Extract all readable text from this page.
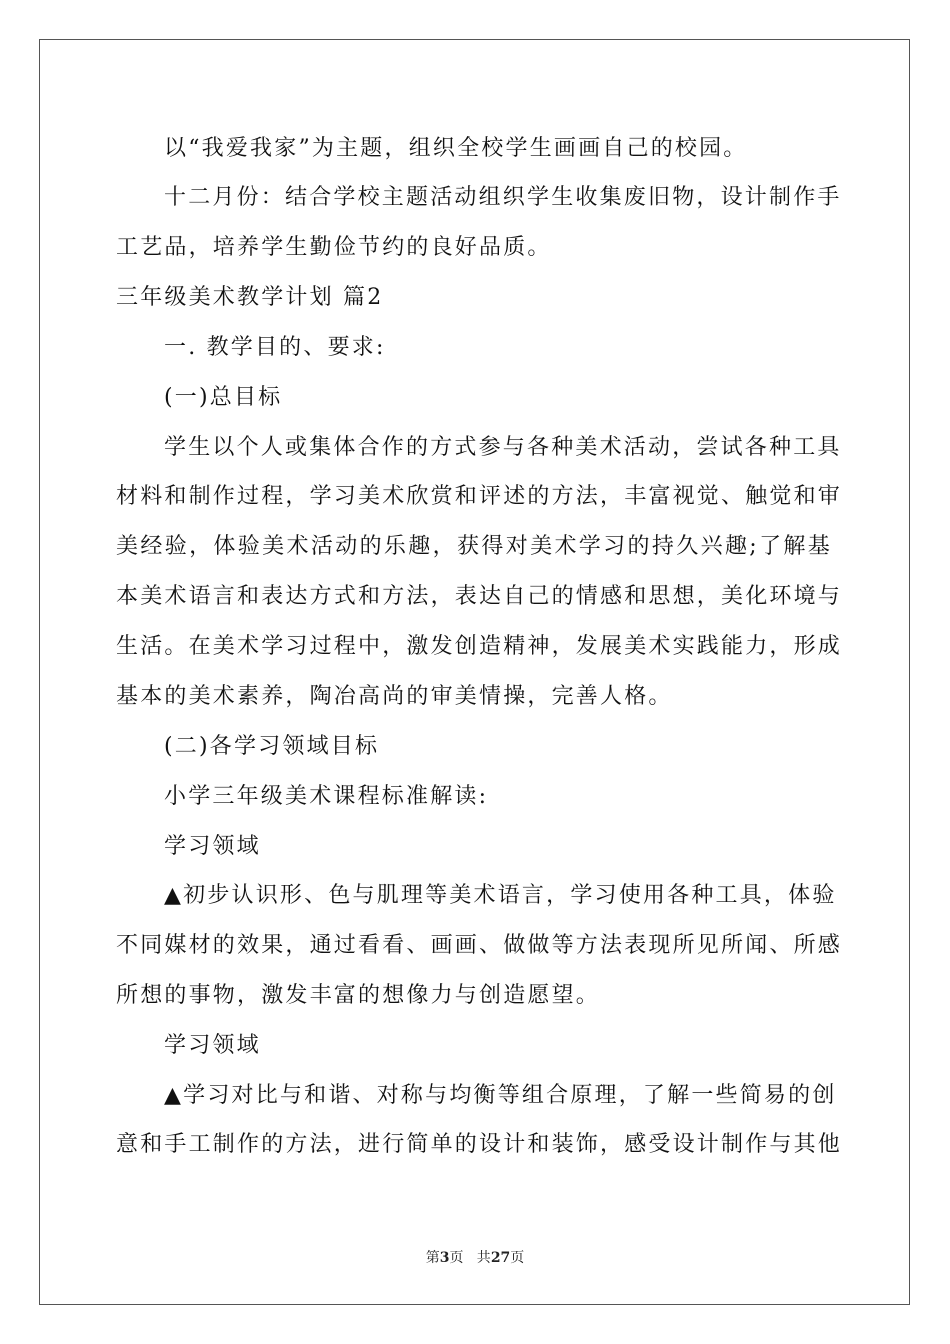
以“我爱我家”为主题，组织全校学生画画自己的校园。
十二月份：结合学校主题活动组织学生收集废旧物，设计制作手
工艺品，培养学生勤俭节约的良好品质。
三年级美术教学计划 篇2
一. 教学目的、要求:
(一)总目标
学生以个人或集体合作的方式参与各种美术活动，尝试各种工具
材料和制作过程，学习美术欣赏和评述的方法，丰富视觉、触觉和审
美经验，体验美术活动的乐趣，获得对美术学习的持久兴趣;了解基
本美术语言和表达方式和方法，表达自己的情感和思想，美化环境与
生活。在美术学习过程中，激发创造精神，发展美术实践能力，形成
基本的美术素养，陶冶高尚的审美情操，完善人格。
(二)各学习领域目标
小学三年级美术课程标准解读:
学习领域
▲初步认识形、色与肌理等美术语言，学习使用各种工具，体验
不同媒材的效果，通过看看、画画、做做等方法表现所见所闻、所感
所想的事物，激发丰富的想像力与创造愿望。
学习领域
▲学习对比与和谐、对称与均衡等组合原理，了解一些简易的创
意和手工制作的方法，进行简单的设计和装饰，感受设计制作与其他
第3页   共27页
